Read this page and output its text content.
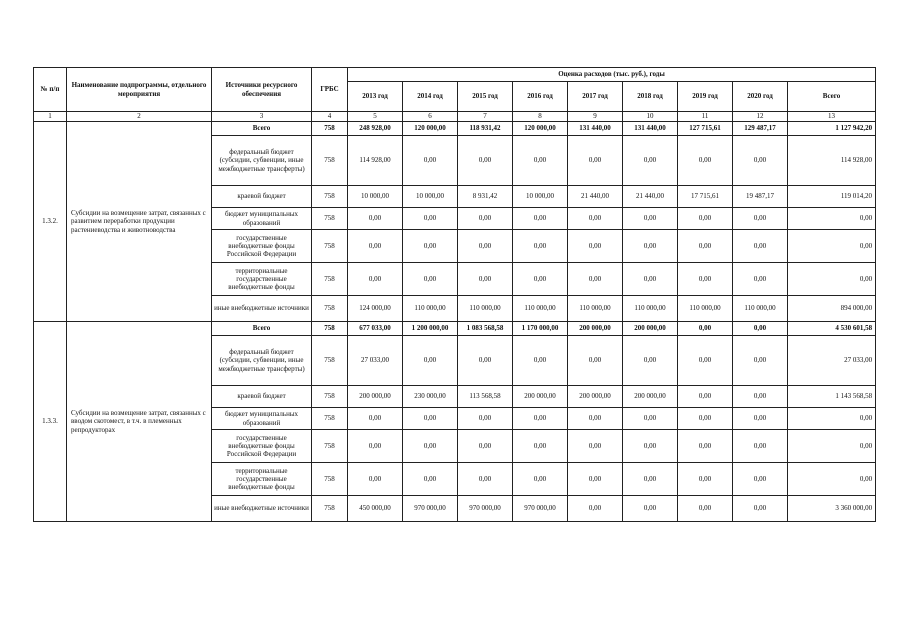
№ п/п	Наименование подпрограммы, отдельного мероприятия	Источники ресурсного обеспечения	ГРБС	Оценка расходов (тыс. руб.), годы								
				2013 год	2014 год	2015 год	2016 год	2017 год	2018 год	2019 год	2020 год	Всего
1	2	3	4	5	6	7	8	9	10	11	12	13
1.3.2.	Субсидии на возмещение затрат, связанных с развитием переработки продукции растениеводства и животноводства	Всего	758	248 928,00	120 000,00	118 931,42	120 000,00	131 440,00	131 440,00	127 715,61	129 487,17	1 127 942,20
		федеральный бюджет (субсидии, субвенции, иные межбюджетные трансферты)	758	114 928,00	0,00	0,00	0,00	0,00	0,00	0,00	0,00	114 928,00
		краевой бюджет	758	10 000,00	10 000,00	8 931,42	10 000,00	21 440,00	21 440,00	17 715,61	19 487,17	119 014,20
		бюджет муниципальных образований	758	0,00	0,00	0,00	0,00	0,00	0,00	0,00	0,00	0,00
		государственные внебюджетные фонды Российской Федерации	758	0,00	0,00	0,00	0,00	0,00	0,00	0,00	0,00	0,00
		территориальные государственные внебюджетные фонды	758	0,00	0,00	0,00	0,00	0,00	0,00	0,00	0,00	0,00
		иные внебюджетные источники	758	124 000,00	110 000,00	110 000,00	110 000,00	110 000,00	110 000,00	110 000,00	110 000,00	894 000,00
1.3.3.	Субсидии на возмещение затрат, связанных с вводом скотомест, в т.ч. в племенных репродукторах	Всего	758	677 033,00	1 200 000,00	1 083 568,58	1 170 000,00	200 000,00	200 000,00	0,00	0,00	4 530 601,58
		федеральный бюджет (субсидии, субвенции, иные межбюджетные трансферты)	758	27 033,00	0,00	0,00	0,00	0,00	0,00	0,00	0,00	27 033,00
		краевой бюджет	758	200 000,00	230 000,00	113 568,58	200 000,00	200 000,00	200 000,00	0,00	0,00	1 143 568,58
		бюджет муниципальных образований	758	0,00	0,00	0,00	0,00	0,00	0,00	0,00	0,00	0,00
		государственные внебюджетные фонды Российской Федерации	758	0,00	0,00	0,00	0,00	0,00	0,00	0,00	0,00	0,00
		территориальные государственные внебюджетные фонды	758	0,00	0,00	0,00	0,00	0,00	0,00	0,00	0,00	0,00
		иные внебюджетные источники	758	450 000,00	970 000,00	970 000,00	970 000,00	0,00	0,00	0,00	0,00	3 360 000,00
